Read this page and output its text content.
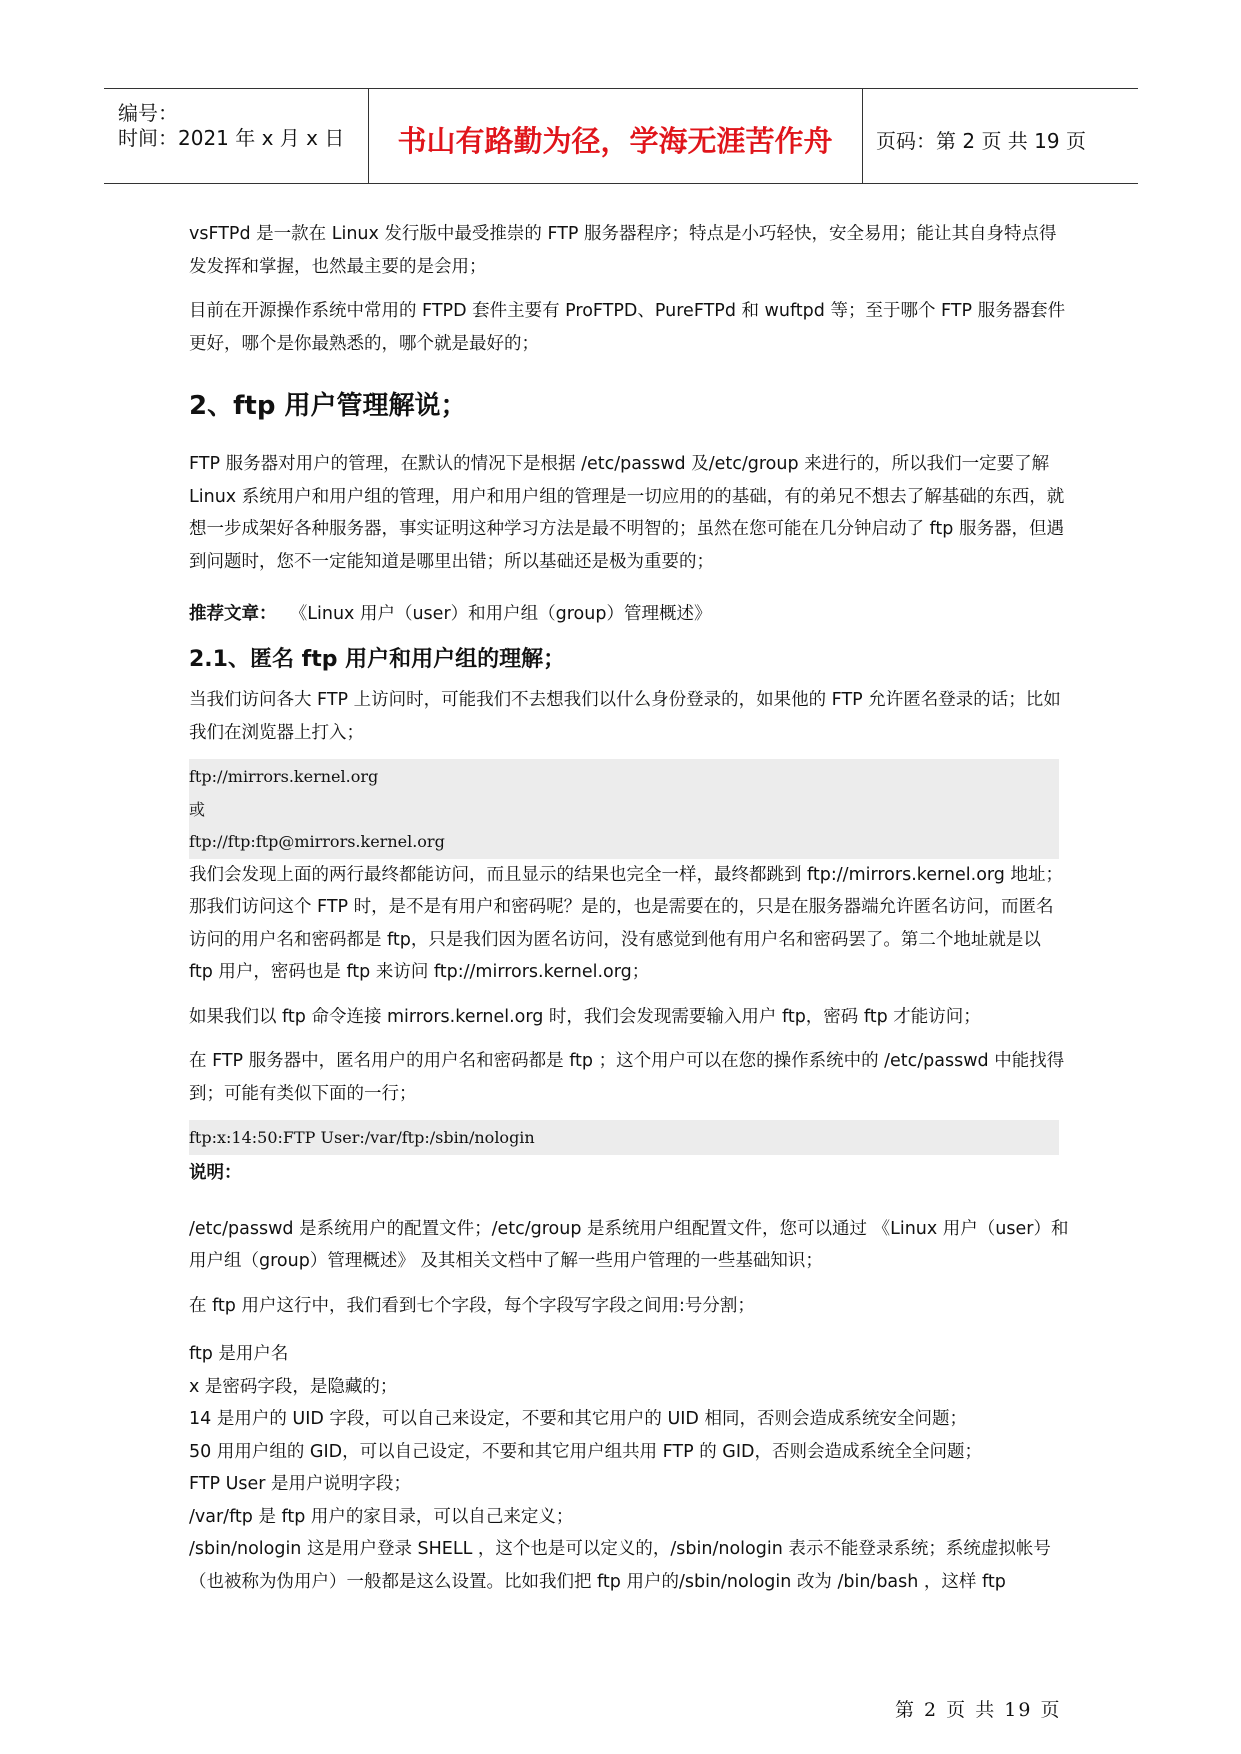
编号：
时间：2021 年 x 月 x 日	书山有路勤为径，学海无涯苦作舟	页码：第 2 页 共 19 页

vsFTPd 是一款在 Linux 发行版中最受推崇的 FTP 服务器程序；特点是小巧轻快，安全易用；能让其自身特点得发发挥和掌握，也然最主要的是会用；

目前在开源操作系统中常用的 FTPD 套件主要有 ProFTPD、PureFTPd 和 wuftpd 等；至于哪个 FTP 服务器套件更好，哪个是你最熟悉的，哪个就是最好的；

2、ftp 用户管理解说；

FTP 服务器对用户的管理，在默认的情况下是根据 /etc/passwd 及/etc/group 来进行的，所以我们一定要了解 Linux 系统用户和用户组的管理，用户和用户组的管理是一切应用的的基础，有的弟兄不想去了解基础的东西，就想一步成架好各种服务器，事实证明这种学习方法是最不明智的；虽然在您可能在几分钟启动了 ftp 服务器，但遇到问题时，您不一定能知道是哪里出错；所以基础还是极为重要的；

推荐文章： 《Linux 用户（user）和用户组（group）管理概述》
2.1、匿名 ftp 用户和用户组的理解；

当我们访问各大 FTP 上访问时，可能我们不去想我们以什么身份登录的，如果他的 FTP 允许匿名登录的话；比如我们在浏览器上打入；

ftp://mirrors.kernel.org
或
ftp://ftp:ftp@mirrors.kernel.org

我们会发现上面的两行最终都能访问，而且显示的结果也完全一样，最终都跳到 ftp://mirrors.kernel.org 地址；那我们访问这个 FTP 时，是不是有用户和密码呢？是的，也是需要在的，只是在服务器端允许匿名访问，而匿名访问的用户名和密码都是 ftp，只是我们因为匿名访问，没有感觉到他有用户名和密码罢了。第二个地址就是以 ftp 用户，密码也是 ftp 来访问 ftp://mirrors.kernel.org；

如果我们以 ftp 命令连接 mirrors.kernel.org 时，我们会发现需要输入用户 ftp，密码 ftp 才能访问；

在 FTP 服务器中，匿名用户的用户名和密码都是 ftp ；这个用户可以在您的操作系统中的 /etc/passwd 中能找得到；可能有类似下面的一行；

ftp:x:14:50:FTP User:/var/ftp:/sbin/nologin
说明：

/etc/passwd 是系统用户的配置文件；/etc/group 是系统用户组配置文件，您可以通过 《Linux 用户（user）和用户组（group）管理概述》 及其相关文档中了解一些用户管理的一些基础知识；

在 ftp 用户这行中，我们看到七个字段，每个字段写字段之间用:号分割；

ftp 是用户名

x 是密码字段，是隐藏的；

14 是用户的 UID 字段，可以自己来设定，不要和其它用户的 UID 相同，否则会造成系统安全问题；

50 用用户组的 GID，可以自己设定，不要和其它用户组共用 FTP 的 GID，否则会造成系统全全问题；

FTP User 是用户说明字段；

/var/ftp 是 ftp 用户的家目录，可以自己来定义；

/sbin/nologin 这是用户登录 SHELL ，这个也是可以定义的，/sbin/nologin 表示不能登录系统；系统虚拟帐号（也被称为伪用户）一般都是这么设置。比如我们把 ftp 用户的/sbin/nologin 改为 /bin/bash ，这样 ftp

第 2 页 共 19 页
